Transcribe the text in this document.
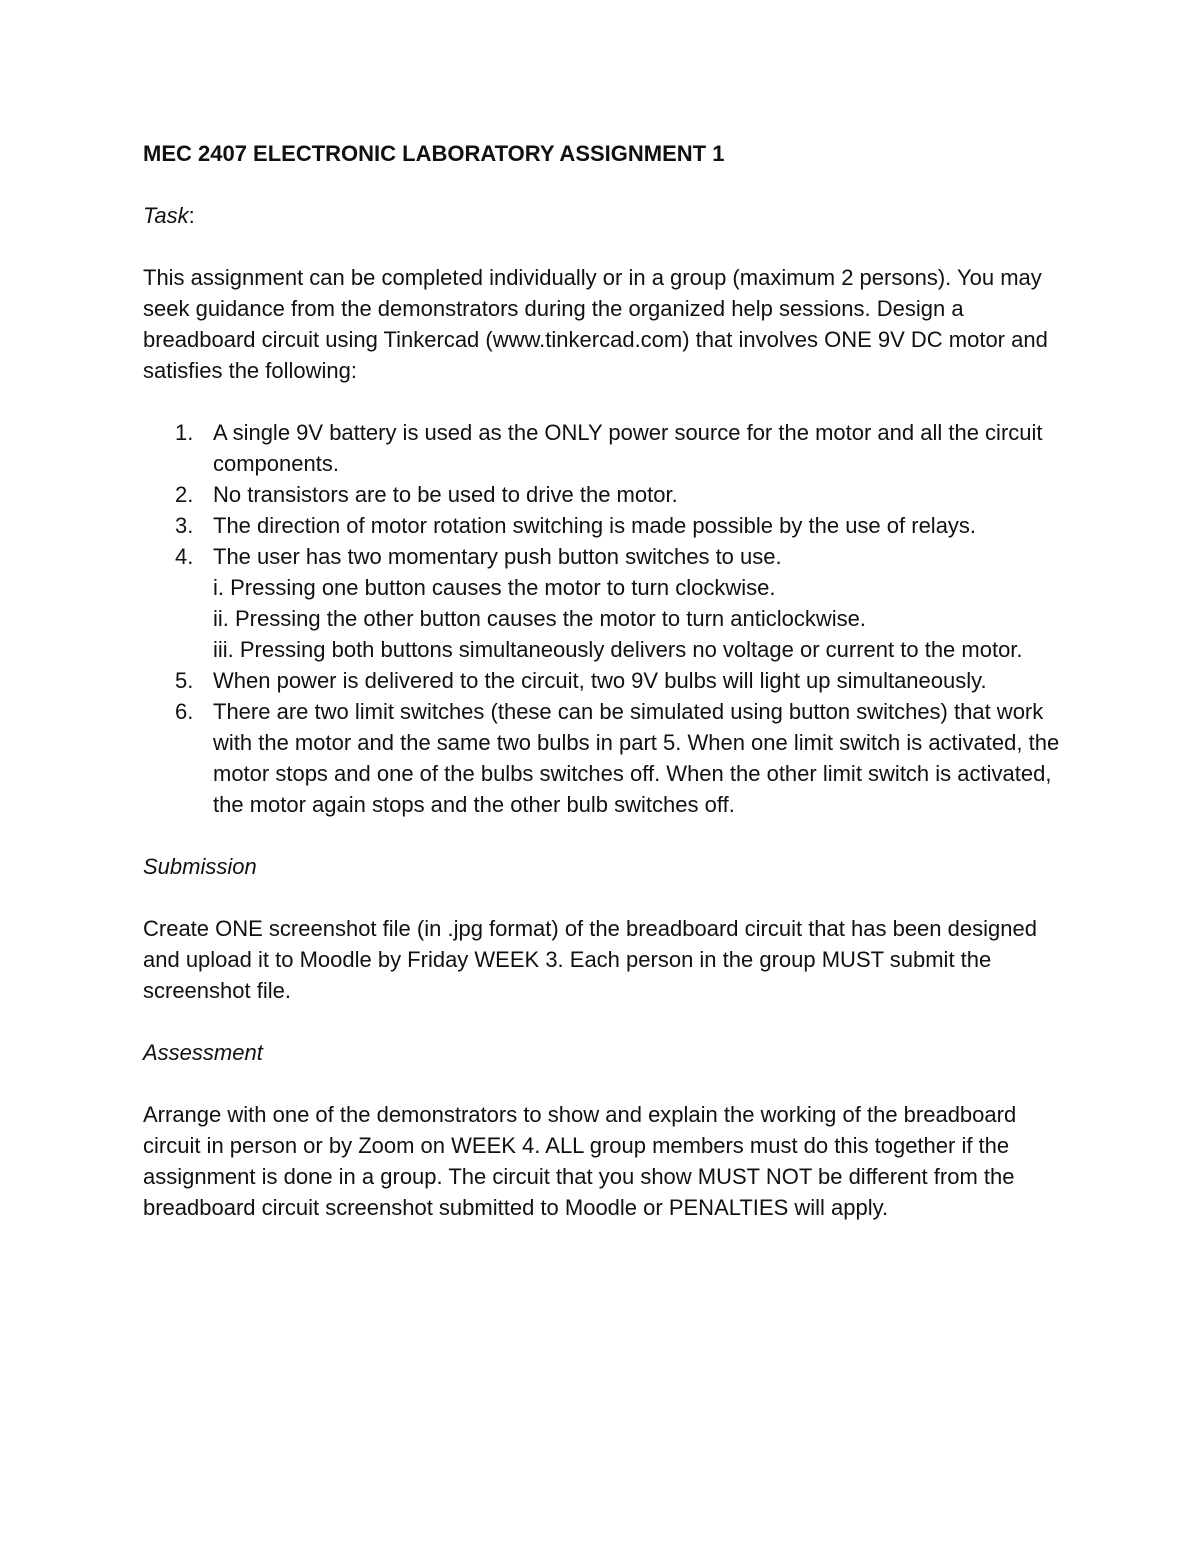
MEC 2407 ELECTRONIC LABORATORY ASSIGNMENT 1

Task:

This assignment can be completed individually or in a group (maximum 2 persons). You may seek guidance from the demonstrators during the organized help sessions. Design a breadboard circuit using Tinkercad (www.tinkercad.com) that involves ONE 9V DC motor and satisfies the following:

1. A single 9V battery is used as the ONLY power source for the motor and all the circuit components.
2. No transistors are to be used to drive the motor.
3. The direction of motor rotation switching is made possible by the use of relays.
4. The user has two momentary push button switches to use.
i. Pressing one button causes the motor to turn clockwise.
ii. Pressing the other button causes the motor to turn anticlockwise.
iii. Pressing both buttons simultaneously delivers no voltage or current to the motor.
5. When power is delivered to the circuit, two 9V bulbs will light up simultaneously.
6. There are two limit switches (these can be simulated using button switches) that work with the motor and the same two bulbs in part 5. When one limit switch is activated, the motor stops and one of the bulbs switches off. When the other limit switch is activated, the motor again stops and the other bulb switches off.

Submission

Create ONE screenshot file (in .jpg format) of the breadboard circuit that has been designed and upload it to Moodle by Friday WEEK 3. Each person in the group MUST submit the screenshot file.

Assessment

Arrange with one of the demonstrators to show and explain the working of the breadboard circuit in person or by Zoom on WEEK 4. ALL group members must do this together if the assignment is done in a group. The circuit that you show MUST NOT be different from the breadboard circuit screenshot submitted to Moodle or PENALTIES will apply.
